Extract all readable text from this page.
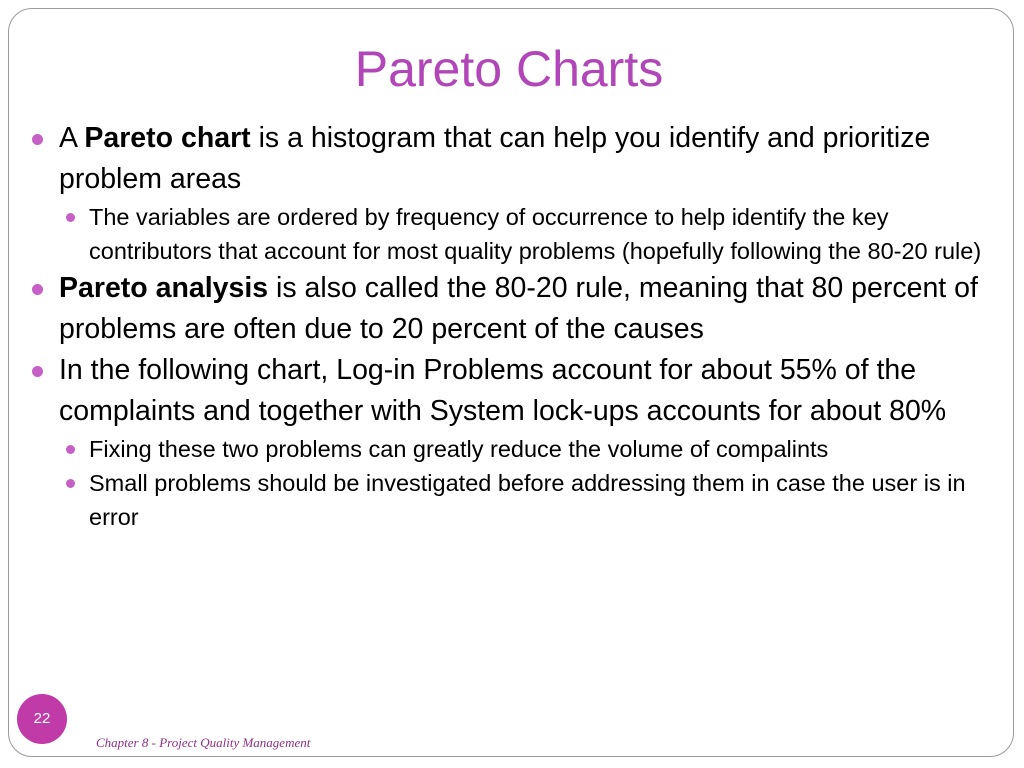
Pareto Charts
A Pareto chart is a histogram that can help you identify and prioritize problem areas
The variables are ordered by frequency of occurrence to help identify the key contributors that account for most quality problems (hopefully following the 80-20 rule)
Pareto analysis is also called the 80-20 rule, meaning that 80 percent of problems are often due to 20 percent of the causes
In the following chart, Log-in Problems account for about 55% of the complaints and together with System lock-ups accounts for about 80%
Fixing these two problems can greatly reduce the volume of compalints
Small problems should be investigated before addressing them in case the user is in error
22
Chapter 8 - Project Quality Management
